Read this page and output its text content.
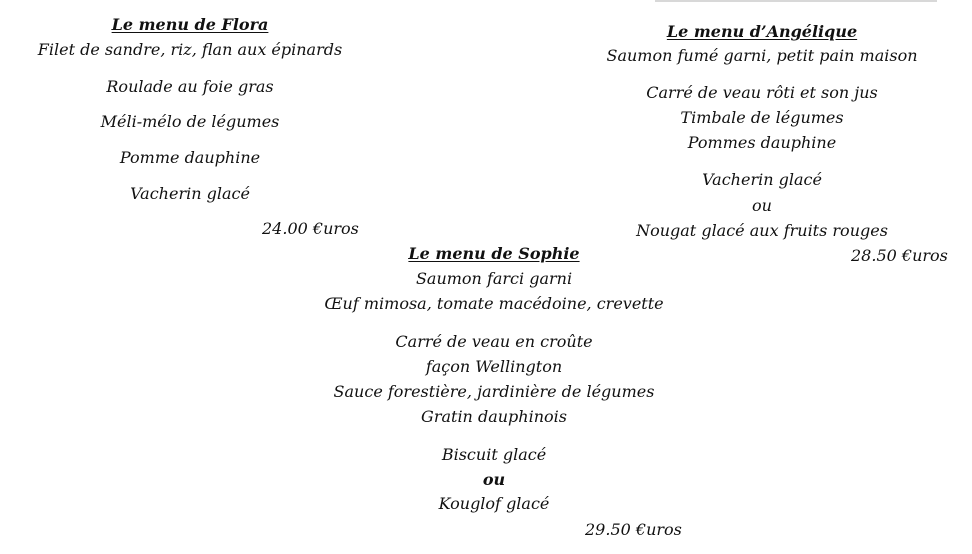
Le menu de Flora
Filet de sandre, riz, flan aux épinards
Roulade au foie gras
Méli-mélo de légumes
Pomme dauphine
Vacherin glacé
24.00 €uros
Le menu d’Angélique
Saumon fumé garni, petit pain maison
Carré de veau rôti et son jus
Timbale de légumes
Pommes dauphine
Vacherin glacé
ou
Nougat glacé aux fruits rouges
28.50 €uros
Le menu de Sophie
Saumon farci garni
Œuf mimosa, tomate macédoine, crevette
Carré de veau en croûte
façon Wellington
Sauce forestière, jardinière de légumes
Gratin dauphinois
Biscuit glacé
ou
Kouglof glacé
29.50 €uros
